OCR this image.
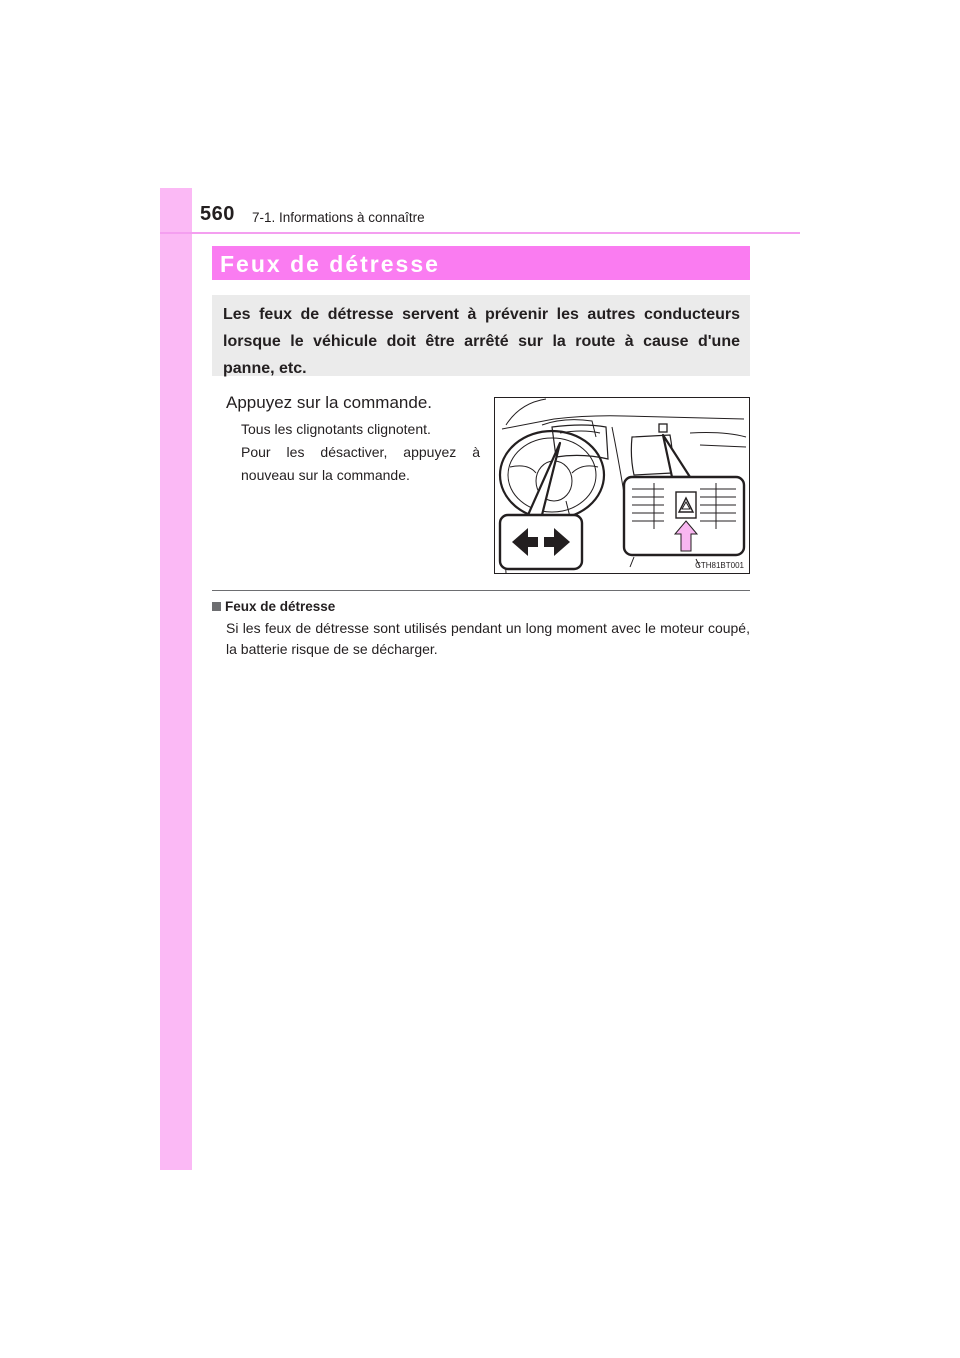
560 7-1. Informations à connaître
Feux de détresse
Les feux de détresse servent à prévenir les autres conducteurs lorsque le véhicule doit être arrêté sur la route à cause d'une panne, etc.
Appuyez sur la commande.

Tous les clignotants clignotent.

Pour les désactiver, appuyez à nouveau sur la commande.

CTH81BT001
Feux de détresse
Si les feux de détresse sont utilisés pendant un long moment avec le moteur coupé, la batterie risque de se décharger.
